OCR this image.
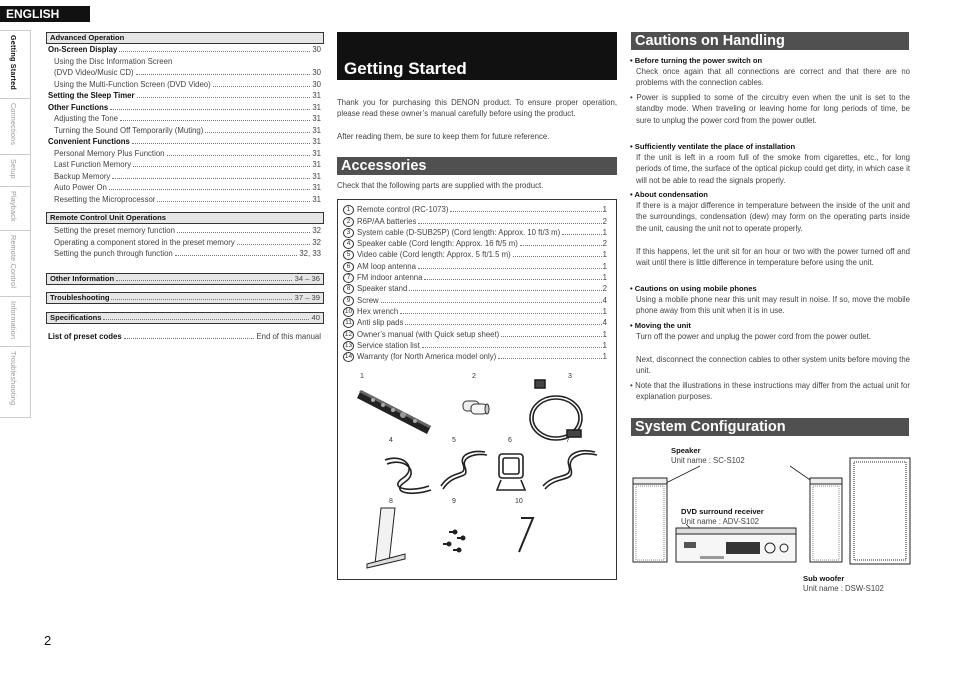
ENGLISH
Getting Started
Connections
Setup
Playback
Remote Control
Information
Troubleshooting
Advanced Operation
On-Screen Display	30
Using the Disc Information Screen
(DVD Video/Music CD)	30
Using the Multi-Function Screen (DVD Video)	30
Setting the Sleep Timer	31
Other Functions	31
Adjusting the Tone	31
Turning the Sound Off Temporarily (Muting)	31
Convenient Functions	31
Personal Memory Plus Function	31
Last Function Memory	31
Backup Memory	31
Auto Power On	31
Resetting the Microprocessor	31
Remote Control Unit Operations
Setting the preset memory function	32
Operating a component stored in the preset memory	32
Setting the punch through function	32, 33
Other Information	34 – 36
Troubleshooting	37 – 39
Specifications	40
List of preset codes	End of this manual
Getting Started
Thank you for purchasing this DENON product. To ensure proper operation, please read these owner’s manual carefully before using the product.
After reading them, be sure to keep them for future reference.
Accessories
Check that the following parts are supplied with the product.
1 Remote control (RC-1073)	1
2 R6P/AA batteries	2
3 System cable (D-SUB25P) (Cord length: Approx. 10 ft/3 m)	1
4 Speaker cable (Cord length: Approx. 16 ft/5 m)	2
5 Video cable (Cord length: Approx. 5 ft/1.5 m)	1
6 AM loop antenna	1
7 FM indoor antenna	1
8 Speaker stand	2
9 Screw	4
10 Hex wrench	1
11 Anti slip pads	4
12 Owner’s manual (with Quick setup sheet)	1
13 Service station list	1
14 Warranty (for North America model only)	1
1	2	3
4	5	6	7
8	9	10
Cautions on Handling
• Before turning the power switch on
Check once again that all connections are correct and that there are no problems with the connection cables.
• Power is supplied to some of the circuitry even when the unit is set to the standby mode. When traveling or leaving home for long periods of time, be sure to unplug the power cord from the power outlet.
• Sufficiently ventilate the place of installation
If the unit is left in a room full of the smoke from cigarettes, etc., for long periods of time, the surface of the optical pickup could get dirty, in which case it will not be able to read the signals properly.
• About condensation
If there is a major difference in temperature between the inside of the unit and the surroundings, condensation (dew) may form on the operating parts inside the unit, causing the unit not to operate properly.
If this happens, let the unit sit for an hour or two with the power turned off and wait until there is little difference in temperature before using the unit.
• Cautions on using mobile phones
Using a mobile phone near this unit may result in noise. If so, move the mobile phone away from this unit when it is in use.
• Moving the unit
Turn off the power and unplug the power cord from the power outlet.
Next, disconnect the connection cables to other system units before moving the unit.
• Note that the illustrations in these instructions may differ from the actual unit for explanation purposes.
System Configuration
Speaker
Unit name : SC-S102
DVD surround receiver
Unit name : ADV-S102
Sub woofer
Unit name : DSW-S102
2
